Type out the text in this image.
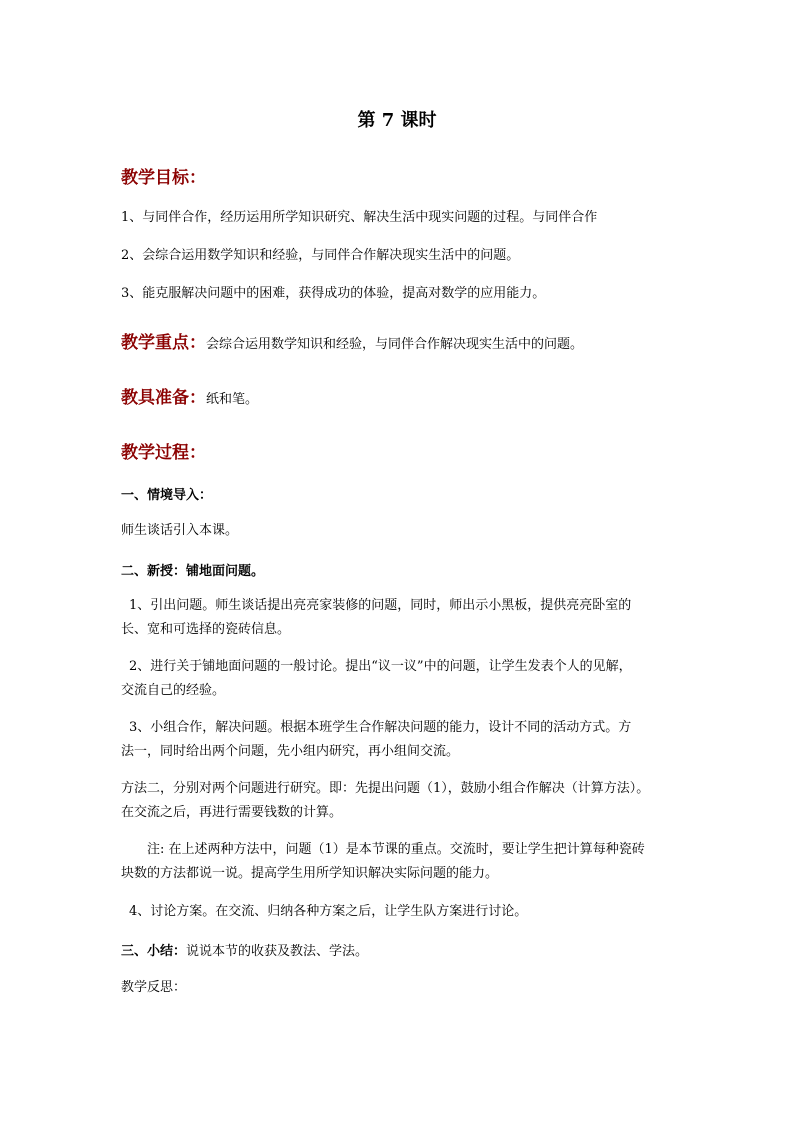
第 7 课时
教学目标：
1、与同伴合作，经历运用所学知识研究、解决生活中现实问题的过程。与同伴合作
2、会综合运用数学知识和经验，与同伴合作解决现实生活中的问题。
3、能克服解决问题中的困难，获得成功的体验，提高对数学的应用能力。
教学重点：会综合运用数学知识和经验，与同伴合作解决现实生活中的问题。
教具准备：纸和笔。
教学过程：
一、情境导入：
师生谈话引入本课。
二、新授：铺地面问题。
1、引出问题。师生谈话提出亮亮家装修的问题，同时，师出示小黑板，提供亮亮卧室的
长、宽和可选择的瓷砖信息。
2、进行关于铺地面问题的一般讨论。提出“议一议”中的问题，让学生发表个人的见解，
交流自己的经验。
3、小组合作，解决问题。根据本班学生合作解决问题的能力，设计不同的活动方式。方
法一，同时给出两个问题，先小组内研究，再小组间交流。
方法二，分别对两个问题进行研究。即：先提出问题（1），鼓励小组合作解决（计算方法）。
在交流之后，再进行需要钱数的计算。
注: 在上述两种方法中，问题（1）是本节课的重点。交流时，要让学生把计算每种瓷砖
块数的方法都说一说。提高学生用所学知识解决实际问题的能力。
4、讨论方案。在交流、归纳各种方案之后，让学生队方案进行讨论。
三、小结：说说本节的收获及教法、学法。
教学反思：
